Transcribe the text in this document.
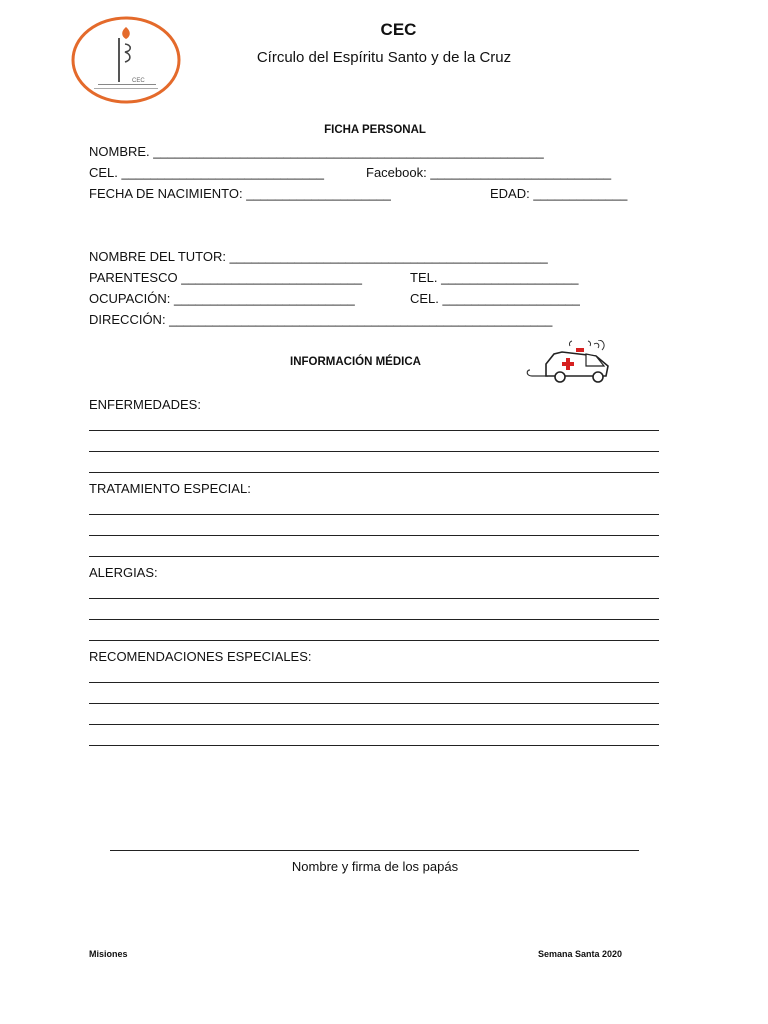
CEC
CEC
Círculo del Espíritu Santo y de la Cruz
FICHA PERSONAL
NOMBRE. ______________________________________________________
CEL. ____________________________	Facebook: _________________________
FECHA DE NACIMIENTO: ____________________	EDAD: _____________
NOMBRE DEL TUTOR: ____________________________________________
PARENTESCO _________________________	TEL. ___________________
OCUPACIÓN: _________________________	CEL. ___________________
DIRECCIÓN: _____________________________________________________
INFORMACIÓN MÉDICA
ENFERMEDADES:
TRATAMIENTO ESPECIAL:
ALERGIAS:
RECOMENDACIONES ESPECIALES:
Nombre y firma de los papás
Misiones	Semana Santa 2020
